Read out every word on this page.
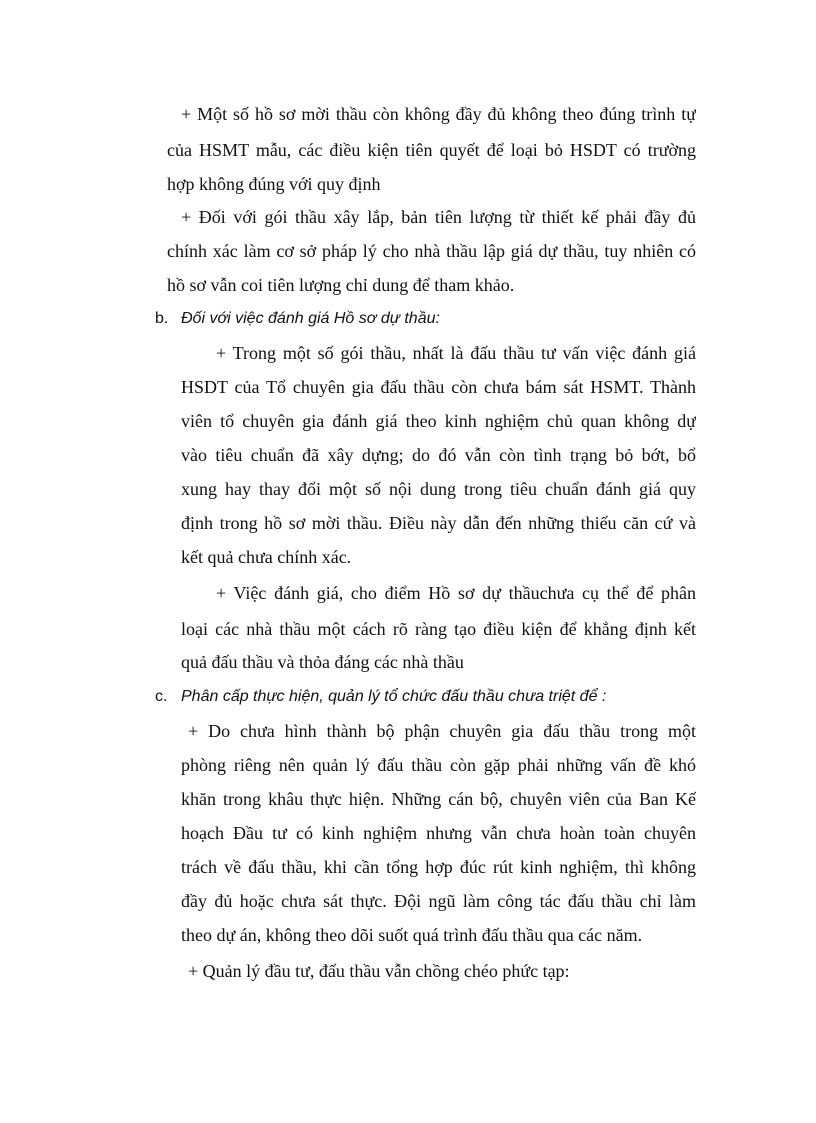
+ Một số hồ sơ mời thầu còn không đầy đủ không theo đúng trình tự
của HSMT mẫu, các điều kiện tiên quyết để loại bỏ HSDT có trường
hợp không đúng với quy định
+ Đối với gói thầu xây lắp, bản tiên lượng từ thiết kế phải đầy đủ
chính xác làm cơ sở pháp lý cho nhà thầu lập giá dự thầu, tuy nhiên có
hồ sơ vẫn coi tiên lượng chỉ dung để tham khảo.
b. Đối với việc đánh giá Hồ sơ dự thầu:
+ Trong một số gói thầu, nhất là đấu thầu tư vấn việc đánh giá
HSDT của Tổ chuyên gia đấu thầu còn chưa bám sát HSMT. Thành
viên tổ chuyên gia đánh giá theo kinh nghiệm chủ quan không dự
vào tiêu chuẩn đã xây dựng; do đó vẫn còn tình trạng bỏ bớt, bổ
xung hay thay đổi một số nội dung trong tiêu chuẩn đánh giá quy
định trong hồ sơ mời thầu. Điều này dẫn đến những thiếu căn cứ và
kết quả chưa chính xác.
+ Việc đánh giá, cho điểm Hồ sơ dự thầuchưa cụ thể để phân
loại các nhà thầu một cách rõ ràng tạo điều kiện để khẳng định kết
quả đấu thầu và thỏa đáng các nhà thầu
c. Phân cấp thực hiện, quản lý tổ chức đấu thầu chưa triệt để :
+ Do chưa hình thành bộ phận chuyên gia đấu thầu trong một
phòng riêng nên quản lý đấu thầu còn gặp phải những vấn đề khó
khăn trong khâu thực hiện. Những cán bộ, chuyên viên của Ban Kế
hoạch Đầu tư có kinh nghiệm nhưng vẫn chưa hoàn toàn chuyên
trách về đấu thầu, khi cần tổng hợp đúc rút kinh nghiệm, thì không
đầy đủ hoặc chưa sát thực. Đội ngũ làm công tác đấu thầu chỉ làm
theo dự án, không theo dõi suốt quá trình đấu thầu qua các năm.
+ Quản lý đầu tư, đấu thầu vẫn chồng chéo phức tạp:
